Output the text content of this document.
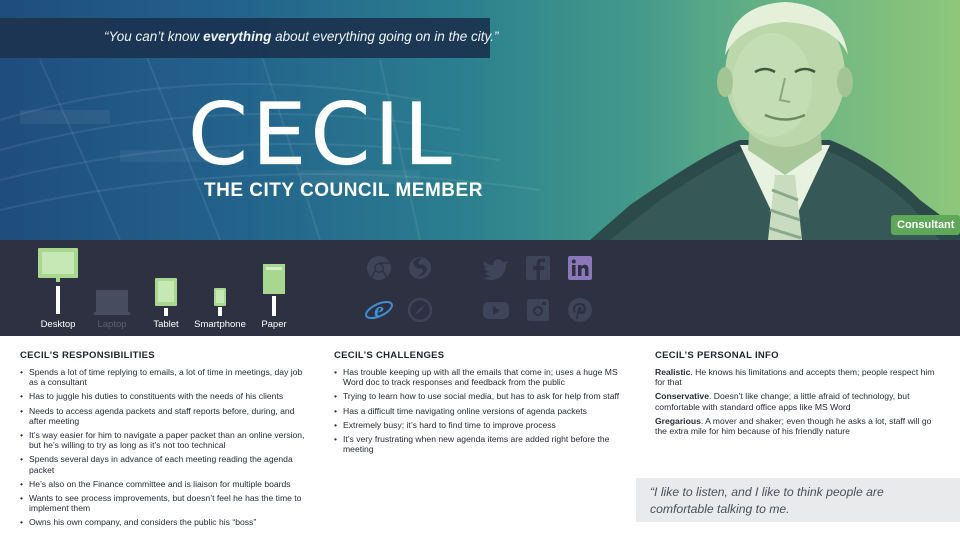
“You can’t know everything about everything going on in the city.”

CECIL
THE CITY COUNCIL MEMBER
Consultant
Desktop	Laptop	Tablet	Smartphone	Paper
e
CECIL’S RESPONSIBILITIES
• Spends a lot of time replying to emails, a lot of time in meetings, day job as a consultant
• Has to juggle his duties to constituents with the needs of his clients
• Needs to access agenda packets and staff reports before, during, and after meeting
• It’s way easier for him to navigate a paper packet than an online version, but he’s willing to try as long as it’s not too technical
• Spends several days in advance of each meeting reading the agenda packet
• He’s also on the Finance committee and is liaison for multiple boards
• Wants to see process improvements, but doesn’t feel he has the time to implement them
• Owns his own company, and considers the public his “boss”
CECIL’S CHALLENGES
• Has trouble keeping up with all the emails that come in; uses a huge MS Word doc to track responses and feedback from the public
• Trying to learn how to use social media, but has to ask for help from staff
• Has a difficult time navigating online versions of agenda packets
• Extremely busy; it’s hard to find time to improve process
• It’s very frustrating when new agenda items are added right before the meeting
CECIL’S PERSONAL INFO

Realistic. He knows his limitations and accepts them; people respect him for that

Conservative. Doesn’t like change; a little afraid of technology, but comfortable with standard office apps like MS Word

Gregarious. A mover and shaker; even though he asks a lot, staff will go the extra mile for him because of his friendly nature

“I like to listen, and I like to think people are comfortable talking to me.
